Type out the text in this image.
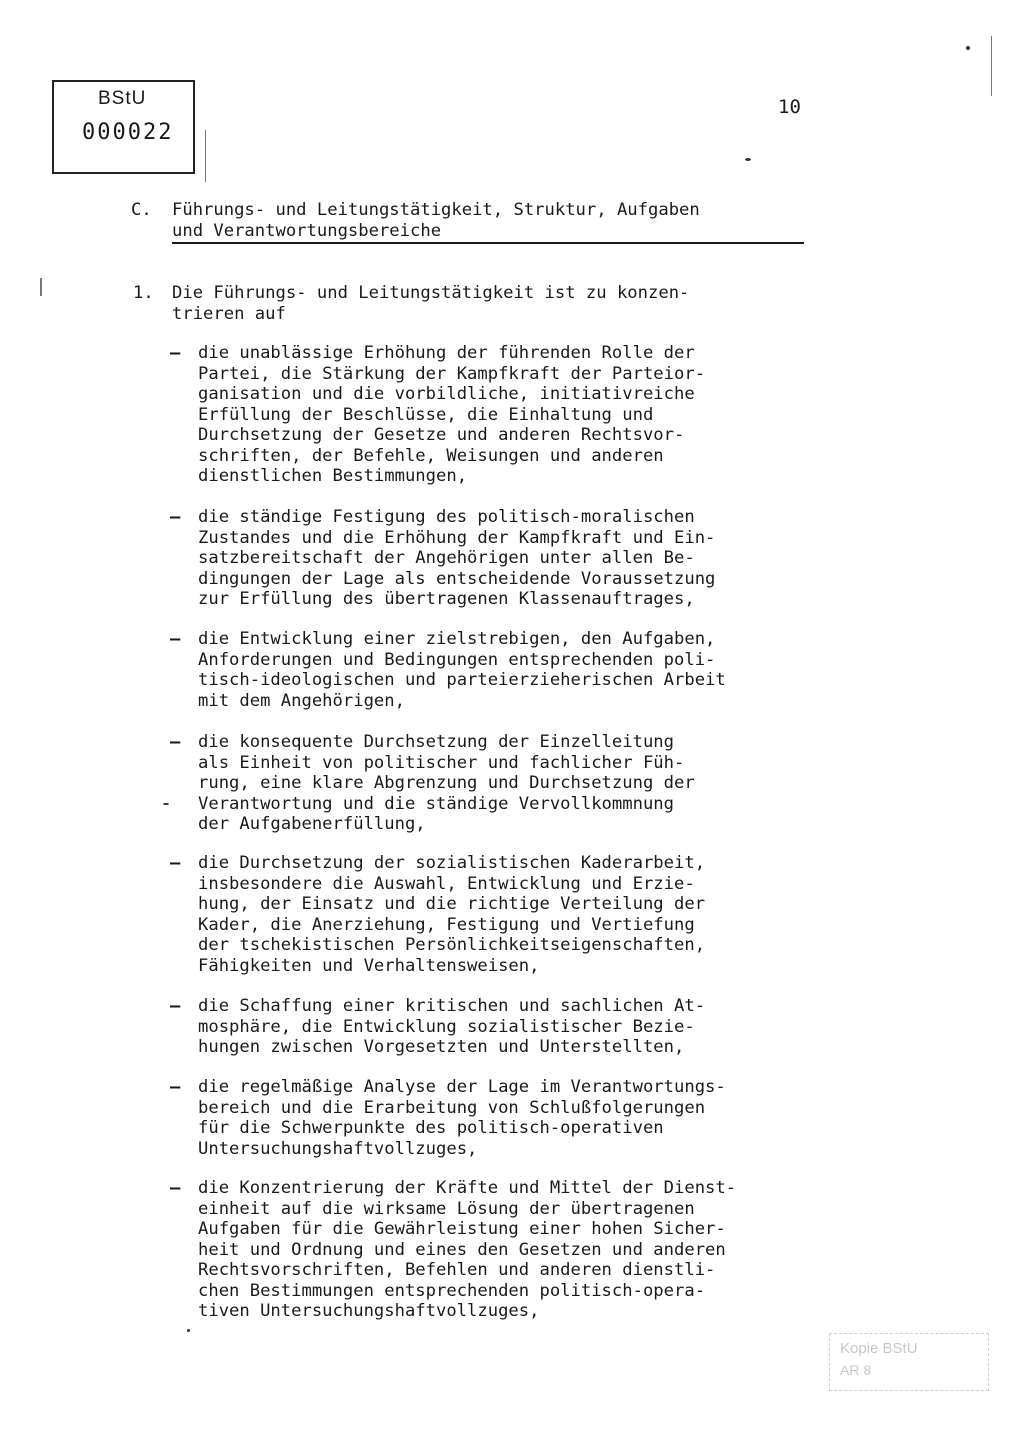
BStU
000022
10
C. Führungs- und Leitungstätigkeit, Struktur, Aufgaben
und Verantwortungsbereiche
1. Die Führungs- und Leitungstätigkeit ist zu konzen-
trieren auf
– die unablässige Erhöhung der führenden Rolle der
Partei, die Stärkung der Kampfkraft der Parteior-
ganisation und die vorbildliche, initiativreiche
Erfüllung der Beschlüsse, die Einhaltung und
Durchsetzung der Gesetze und anderen Rechtsvor-
schriften, der Befehle, Weisungen und anderen
dienstlichen Bestimmungen,
– die ständige Festigung des politisch-moralischen
Zustandes und die Erhöhung der Kampfkraft und Ein-
satzbereitschaft der Angehörigen unter allen Be-
dingungen der Lage als entscheidende Voraussetzung
zur Erfüllung des übertragenen Klassenauftrages,
– die Entwicklung einer zielstrebigen, den Aufgaben,
Anforderungen und Bedingungen entsprechenden poli-
tisch-ideologischen und parteierzieherischen Arbeit
mit dem Angehörigen,
– die konsequente Durchsetzung der Einzelleitung
als Einheit von politischer und fachlicher Füh-
rung, eine klare Abgrenzung und Durchsetzung der
Verantwortung und die ständige Vervollkommnung
der Aufgabenerfüllung,
– die Durchsetzung der sozialistischen Kaderarbeit,
insbesondere die Auswahl, Entwicklung und Erzie-
hung, der Einsatz und die richtige Verteilung der
Kader, die Anerziehung, Festigung und Vertiefung
der tschekistischen Persönlichkeitseigenschaften,
Fähigkeiten und Verhaltensweisen,
– die Schaffung einer kritischen und sachlichen At-
mosphäre, die Entwicklung sozialistischer Bezie-
hungen zwischen Vorgesetzten und Unterstellten,
– die regelmäßige Analyse der Lage im Verantwortungs-
bereich und die Erarbeitung von Schlußfolgerungen
für die Schwerpunkte des politisch-operativen
Untersuchungshaftvollzuges,
– die Konzentrierung der Kräfte und Mittel der Dienst-
einheit auf die wirksame Lösung der übertragenen
Aufgaben für die Gewährleistung einer hohen Sicher-
heit und Ordnung und eines den Gesetzen und anderen
Rechtsvorschriften, Befehlen und anderen dienstli-
chen Bestimmungen entsprechenden politisch-opera-
tiven Untersuchungshaftvollzuges,
Kopie BStU
AR 8
